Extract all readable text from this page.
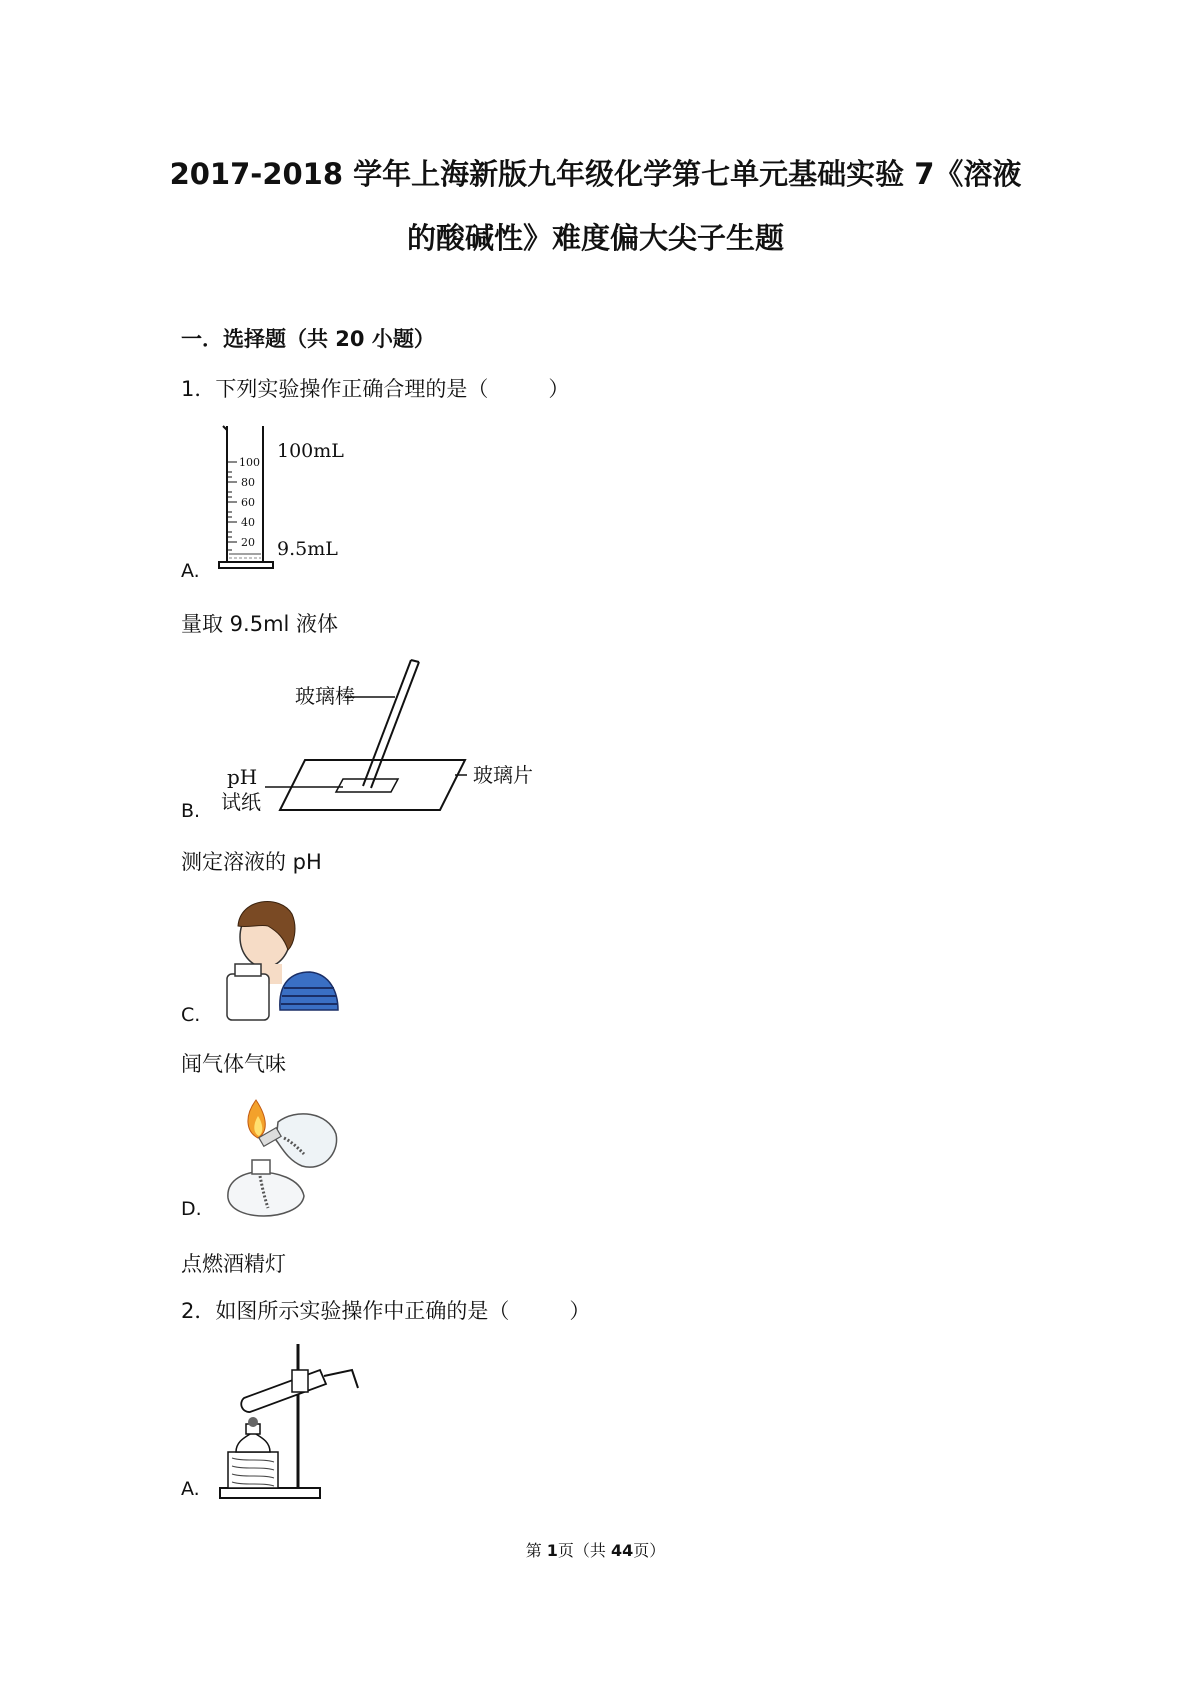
2017-2018 学年上海新版九年级化学第七单元基础实验 7《溶液
的酸碱性》难度偏大尖子生题
一．选择题（共 20 小题）
1．下列实验操作正确合理的是（	）
100
80
60
40
20
100mL
9.5mL
A.
量取 9.5ml 液体
玻璃棒
玻璃片
pH
试纸
B.
测定溶液的 pH
C.
闻气体气味
D.
点燃酒精灯
2．如图所示实验操作中正确的是（	）
A.
第 1页（共 44页）
